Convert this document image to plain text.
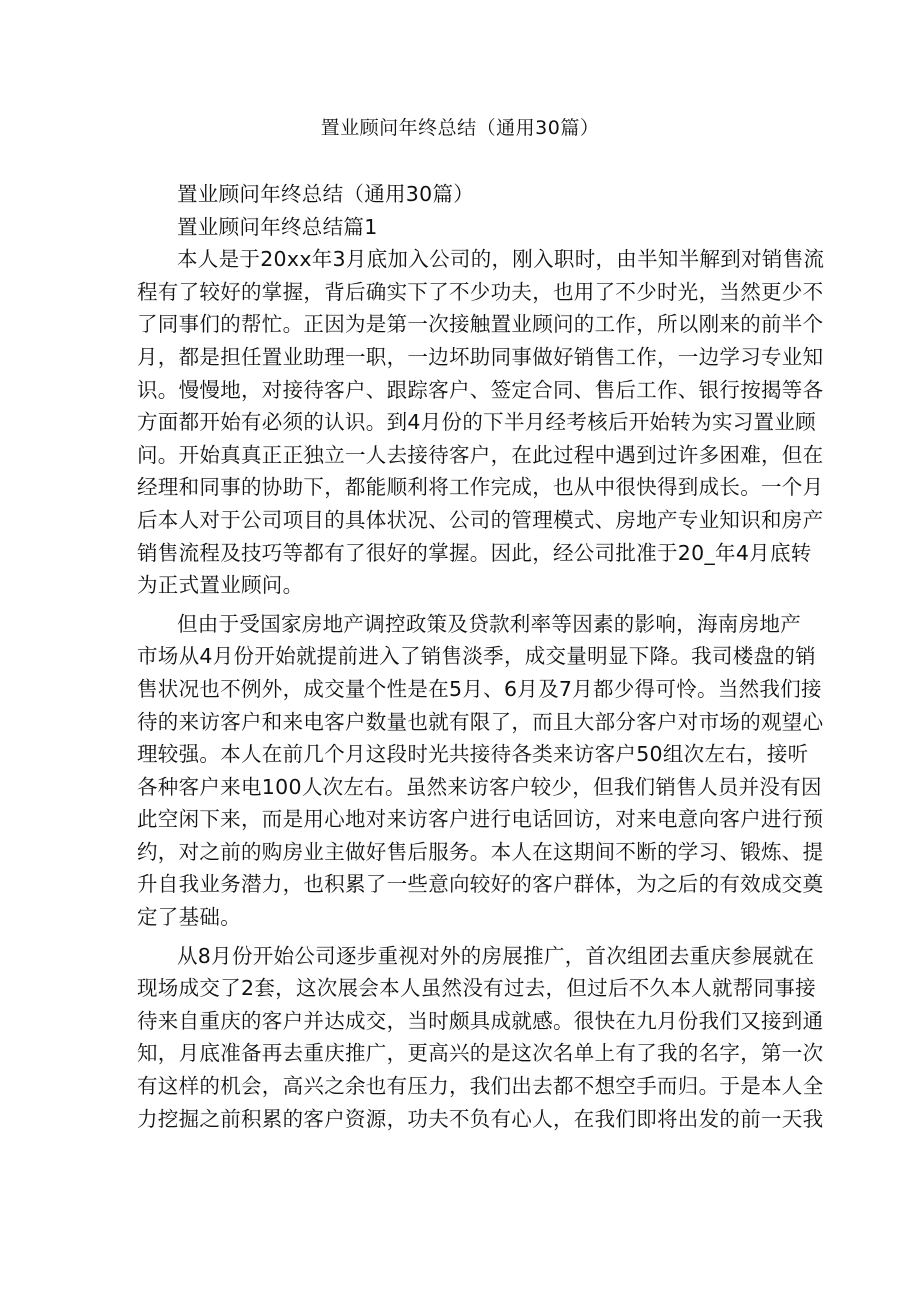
置业顾问年终总结（通用30篇）
置业顾问年终总结（通用30篇）
置业顾问年终总结篇1
本人是于20xx年3月底加入公司的，刚入职时，由半知半解到对销售流
程有了较好的掌握，背后确实下了不少功夫，也用了不少时光，当然更少不
了同事们的帮忙。正因为是第一次接触置业顾问的工作，所以刚来的前半个
月，都是担任置业助理一职，一边坏助同事做好销售工作，一边学习专业知
识。慢慢地，对接待客户、跟踪客户、签定合同、售后工作、银行按揭等各
方面都开始有必须的认识。到4月份的下半月经考核后开始转为实习置业顾
问。开始真真正正独立一人去接待客户，在此过程中遇到过许多困难，但在
经理和同事的协助下，都能顺利将工作完成，也从中很快得到成长。一个月
后本人对于公司项目的具体状况、公司的管理模式、房地产专业知识和房产
销售流程及技巧等都有了很好的掌握。因此，经公司批准于20_年4月底转
为正式置业顾问。
但由于受国家房地产调控政策及贷款利率等因素的影响，海南房地产
市场从4月份开始就提前进入了销售淡季，成交量明显下降。我司楼盘的销
售状况也不例外，成交量个性是在5月、6月及7月都少得可怜。当然我们接
待的来访客户和来电客户数量也就有限了，而且大部分客户对市场的观望心
理较强。本人在前几个月这段时光共接待各类来访客户50组次左右，接听
各种客户来电100人次左右。虽然来访客户较少，但我们销售人员并没有因
此空闲下来，而是用心地对来访客户进行电话回访，对来电意向客户进行预
约，对之前的购房业主做好售后服务。本人在这期间不断的学习、锻炼、提
升自我业务潜力，也积累了一些意向较好的客户群体，为之后的有效成交奠
定了基础。
从8月份开始公司逐步重视对外的房展推广，首次组团去重庆参展就在
现场成交了2套，这次展会本人虽然没有过去，但过后不久本人就帮同事接
待来自重庆的客户并达成交，当时颇具成就感。很快在九月份我们又接到通
知，月底准备再去重庆推广，更高兴的是这次名单上有了我的名字，第一次
有这样的机会，高兴之余也有压力，我们出去都不想空手而归。于是本人全
力挖掘之前积累的客户资源，功夫不负有心人，在我们即将出发的前一天我
